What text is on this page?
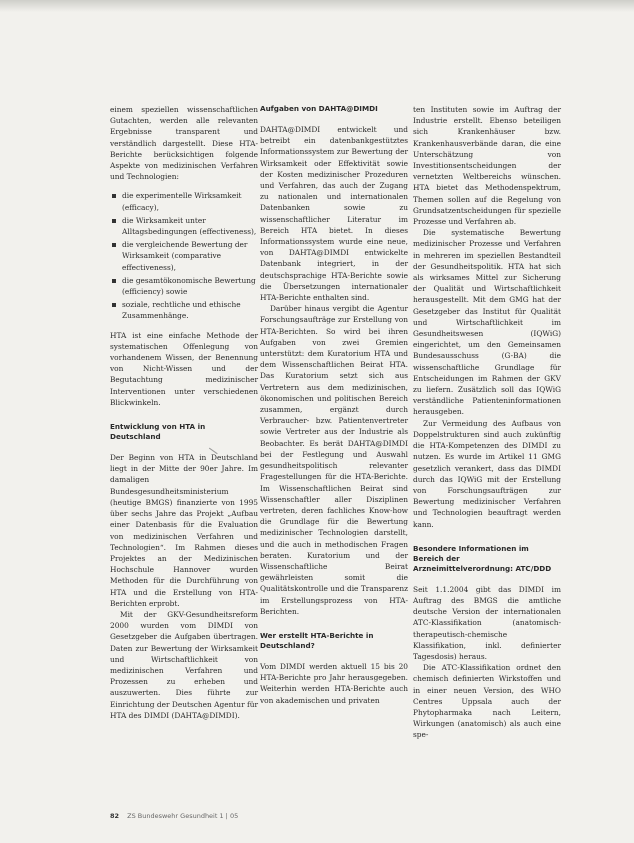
einem speziellen wissenschaftlichen Gutachten, werden alle relevanten Ergebnisse transparent und verständlich dargestellt. Diese HTA-Berichte berücksichtigen folgende Aspekte von medizinischen Verfahren und Technologien:

die experimentelle Wirksamkeit (efficacy),
die Wirksamkeit unter Alltagsbedingungen (effectiveness),
die vergleichende Bewertung der Wirksamkeit (comparative effectiveness),
die gesamtökonomische Bewertung (efficiency) sowie
soziale, rechtliche und ethische Zusammenhänge.

HTA ist eine einfache Methode der systematischen Offenlegung von vorhandenem Wissen, der Benennung von Nicht-Wissen und der Begutachtung medizinischer Interventionen unter verschiedenen Blickwinkeln.

Entwicklung von HTA in Deutschland

Der Beginn von HTA in Deutschland liegt in der Mitte der 90er Jahre. Im damaligen Bundesgesundheitsministerium (heutige BMGS) finanzierte von 1995 über sechs Jahre das Projekt „Aufbau einer Datenbasis für die Evaluation von medizinischen Verfahren und Technologien“. Im Rahmen dieses Projektes an der Medizinischen Hochschule Hannover wurden Methoden für die Durchführung von HTA und die Erstellung von HTA-Berichten erprobt.

Mit der GKV-Gesundheitsreform 2000 wurden vom DIMDI von Gesetzgeber die Aufgaben übertragen. Daten zur Bewertung der Wirksamkeit und Wirtschaftlichkeit von medizinischen Verfahren und Prozessen zu erheben und auszuwerten. Dies führte zur Einrichtung der Deutschen Agentur für HTA des DIMDI (DAHTA@DIMDI).

Aufgaben von DAHTA@DIMDI

DAHTA@DIMDI entwickelt und betreibt ein datenbankgestütztes Informationssystem zur Bewertung der Wirksamkeit oder Effektivität sowie der Kosten medizinischer Prozeduren und Verfahren, das auch der Zugang zu nationalen und internationalen Datenbanken sowie zu wissenschaftlicher Literatur im Bereich HTA bietet. In dieses Informationssystem wurde eine neue, von DAHTA@DIMDI entwickelte Datenbank integriert, in der deutschsprachige HTA-Berichte sowie die Übersetzungen internationaler HTA-Berichte enthalten sind.

Darüber hinaus vergibt die Agentur Forschungsaufträge zur Erstellung von HTA-Berichten. So wird bei ihren Aufgaben von zwei Gremien unterstützt: dem Kuratorium HTA und dem Wissenschaftlichen Beirat HTA. Das Kuratorium setzt sich aus Vertretern aus dem medizinischen, ökonomischen und politischen Bereich zusammen, ergänzt durch Verbraucher- bzw. Patientenvertreter sowie Vertreter aus der Industrie als Beobachter. Es berät DAHTA@DIMDI bei der Festlegung und Auswahl gesundheitspolitisch relevanter Fragestellungen für die HTA-Berichte. Im Wissenschaftlichen Beirat sind Wissenschaftler aller Disziplinen vertreten, deren fachliches Know-how die Grundlage für die Bewertung medizinischer Technologien darstellt, und die auch in methodischen Fragen beraten. Kuratorium und der Wissenschaftliche Beirat gewährleisten somit die Qualitätskontrolle und die Transparenz im Erstellungsprozess von HTA-Berichten.

Wer erstellt HTA-Berichte in Deutschland?

Vom DIMDI werden aktuell 15 bis 20 HTA-Berichte pro Jahr herausgegeben. Weiterhin werden HTA-Berichte auch von akademischen und privaten

ten Instituten sowie im Auftrag der Industrie erstellt. Ebenso beteiligen sich Krankenhäuser bzw. Krankenhausverbände daran, die eine Unterschätzung von Investitionsentscheidungen der vernetzten Weltbereichs wünschen. HTA bietet das Methodenspektrum, Themen sollen auf die Regelung von Grundsatzentscheidungen für spezielle Prozesse und Verfahren ab.

Die systematische Bewertung medizinischer Prozesse und Verfahren in mehreren im speziellen Bestandteil der Gesundheitspolitik. HTA hat sich als wirksames Mittel zur Sicherung der Qualität und Wirtschaftlichkeit herausgestellt. Mit dem GMG hat der Gesetzgeber das Institut für Qualität und Wirtschaftlichkeit im Gesundheitswesen (IQWiG) eingerichtet, um den Gemeinsamen Bundesausschuss (G-BA) die wissenschaftliche Grundlage für Entscheidungen im Rahmen der GKV zu liefern. Zusätzlich soll das IQWiG verständliche Patienteninformationen herausgeben.

Zur Vermeidung des Aufbaus von Doppelstrukturen sind auch zukünftig die HTA-Kompetenzen des DIMDI zu nutzen. Es wurde im Artikel 11 GMG gesetzlich verankert, dass das DIMDI durch das IQWiG mit der Erstellung von Forschungsaufträgen zur Bewertung medizinischer Verfahren und Technologien beauftragt werden kann.

Besondere Informationen im Bereich der Arzneimittelverordnung: ATC/DDD

Seit 1.1.2004 gibt das DIMDI im Auftrag des BMGS die amtliche deutsche Version der internationalen ATC-Klassifikation (anatomisch-therapeutisch-chemische Klassifikation, inkl. definierter Tagesdosis) heraus.

Die ATC-Klassifikation ordnet den chemisch definierten Wirkstoffen und in einer neuen Version, des WHO Centres Uppsala auch der Phytopharmaka nach Leitern, Wirkungen (anatomisch) als auch eine spe-

82 ZS Bundeswehr Gesundheit 1 | 05
